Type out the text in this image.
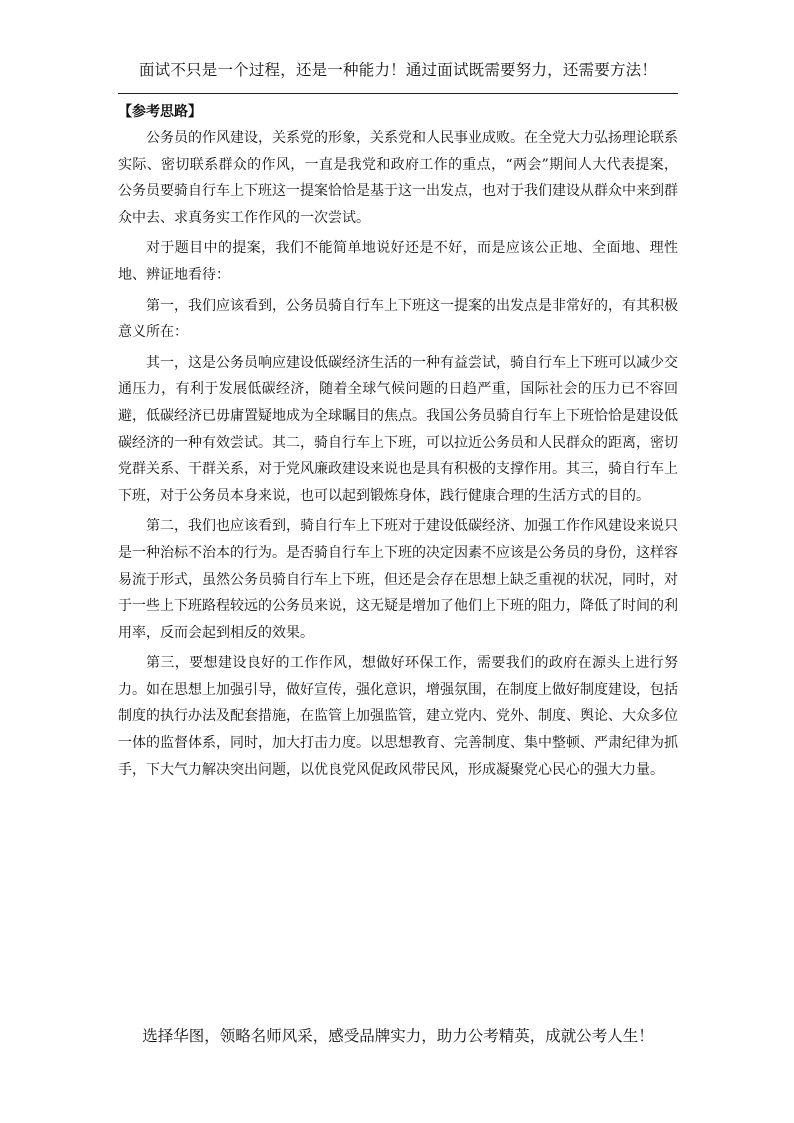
面试不只是一个过程，还是一种能力！通过面试既需要努力，还需要方法！

【参考思路】

公务员的作风建设，关系党的形象，关系党和人民事业成败。在全党大力弘扬理论联系实际、密切联系群众的作风，一直是我党和政府工作的重点，“两会”期间人大代表提案，公务员要骑自行车上下班这一提案恰恰是基于这一出发点，也对于我们建设从群众中来到群众中去、求真务实工作作风的一次尝试。

对于题目中的提案，我们不能简单地说好还是不好，而是应该公正地、全面地、理性地、辨证地看待：

第一，我们应该看到，公务员骑自行车上下班这一提案的出发点是非常好的，有其积极意义所在：

其一，这是公务员响应建设低碳经济生活的一种有益尝试，骑自行车上下班可以减少交通压力，有利于发展低碳经济，随着全球气候问题的日趋严重，国际社会的压力已不容回避，低碳经济已毋庸置疑地成为全球瞩目的焦点。我国公务员骑自行车上下班恰恰是建设低碳经济的一种有效尝试。其二，骑自行车上下班，可以拉近公务员和人民群众的距离，密切党群关系、干群关系，对于党风廉政建设来说也是具有积极的支撑作用。其三，骑自行车上下班，对于公务员本身来说，也可以起到锻炼身体，践行健康合理的生活方式的目的。

第二，我们也应该看到，骑自行车上下班对于建设低碳经济、加强工作作风建设来说只是一种治标不治本的行为。是否骑自行车上下班的决定因素不应该是公务员的身份，这样容易流于形式，虽然公务员骑自行车上下班，但还是会存在思想上缺乏重视的状况，同时，对于一些上下班路程较远的公务员来说，这无疑是增加了他们上下班的阻力，降低了时间的利用率，反而会起到相反的效果。

第三，要想建设良好的工作作风，想做好环保工作，需要我们的政府在源头上进行努力。如在思想上加强引导，做好宣传，强化意识，增强氛围，在制度上做好制度建设，包括制度的执行办法及配套措施，在监管上加强监管，建立党内、党外、制度、舆论、大众多位一体的监督体系，同时，加大打击力度。以思想教育、完善制度、集中整顿、严肃纪律为抓手，下大气力解决突出问题，以优良党风促政风带民风，形成凝聚党心民心的强大力量。

选择华图，领略名师风采，感受品牌实力，助力公考精英，成就公考人生！
